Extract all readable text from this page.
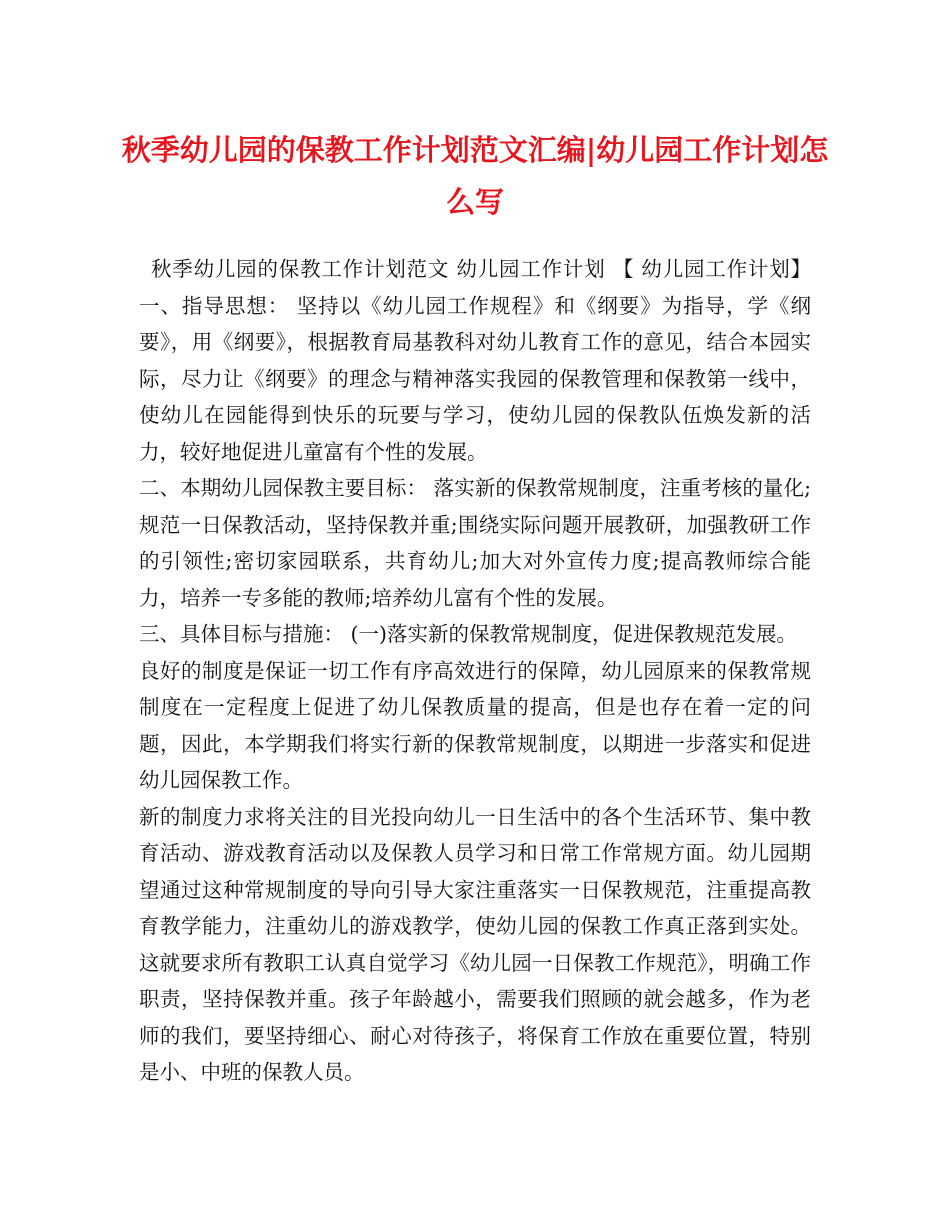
秋季幼儿园的保教工作计划范文汇编|幼儿园工作计划怎么写

秋季幼儿园的保教工作计划范文 幼儿园工作计划 【 幼儿园工作计划】 一、指导思想： 坚持以《幼儿园工作规程》和《纲要》为指导，学《纲要》，用《纲要》，根据教育局基教科对幼儿教育工作的意见，结合本园实际，尽力让《纲要》的理念与精神落实我园的保教管理和保教第一线中，使幼儿在园能得到快乐的玩要与学习，使幼儿园的保教队伍焕发新的活力，较好地促进儿童富有个性的发展。

二、本期幼儿园保教主要目标： 落实新的保教常规制度，注重考核的量化;规范一日保教活动，坚持保教并重;围绕实际问题开展教研，加强教研工作的引领性;密切家园联系，共育幼儿;加大对外宣传力度;提高教师综合能力，培养一专多能的教师;培养幼儿富有个性的发展。

三、具体目标与措施： (一)落实新的保教常规制度，促进保教规范发展。

良好的制度是保证一切工作有序高效进行的保障，幼儿园原来的保教常规制度在一定程度上促进了幼儿保教质量的提高，但是也存在着一定的问题，因此，本学期我们将实行新的保教常规制度，以期进一步落实和促进幼儿园保教工作。

新的制度力求将关注的目光投向幼儿一日生活中的各个生活环节、集中教育活动、游戏教育活动以及保教人员学习和日常工作常规方面。幼儿园期望通过这种常规制度的导向引导大家注重落实一日保教规范，注重提高教育教学能力，注重幼儿的游戏教学，使幼儿园的保教工作真正落到实处。这就要求所有教职工认真自觉学习《幼儿园一日保教工作规范》，明确工作职责，坚持保教并重。孩子年龄越小，需要我们照顾的就会越多，作为老师的我们，要坚持细心、耐心对待孩子，将保育工作放在重要位置，特别是小、中班的保教人员。
